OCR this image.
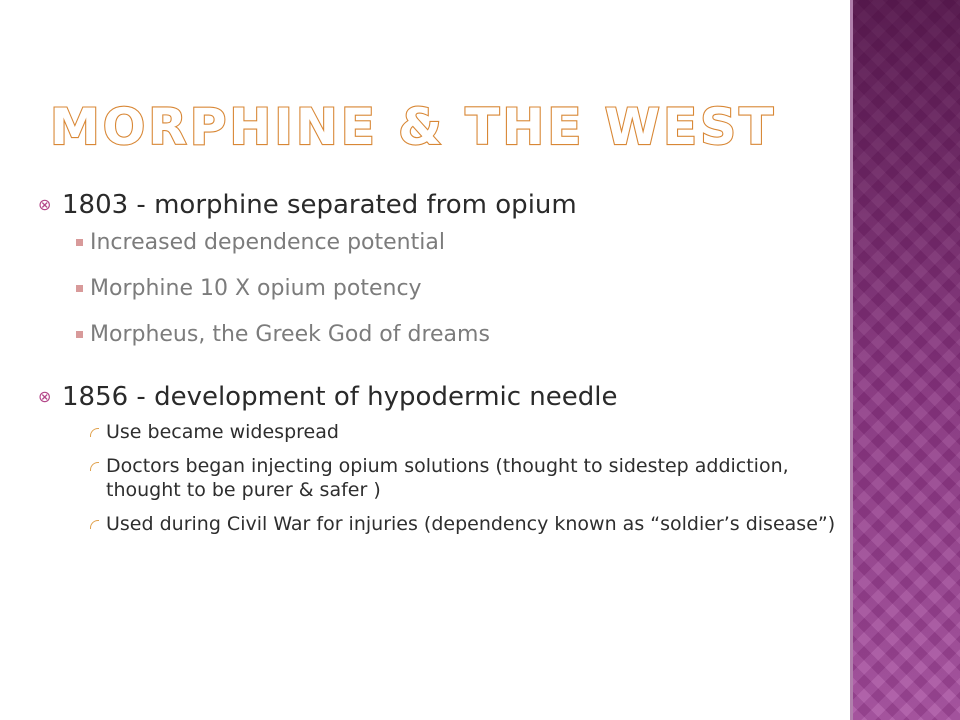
MORPHINE & THE WEST
⊗ 1803 - morphine separated from opium
Increased dependence potential
Morphine 10 X opium potency
Morpheus, the Greek God of dreams
⊗ 1856 - development of hypodermic needle
Use became widespread
Doctors began injecting opium solutions (thought to sidestep addiction, thought to be purer & safer )
Used during Civil War for injuries (dependency known as “soldier’s disease”)
